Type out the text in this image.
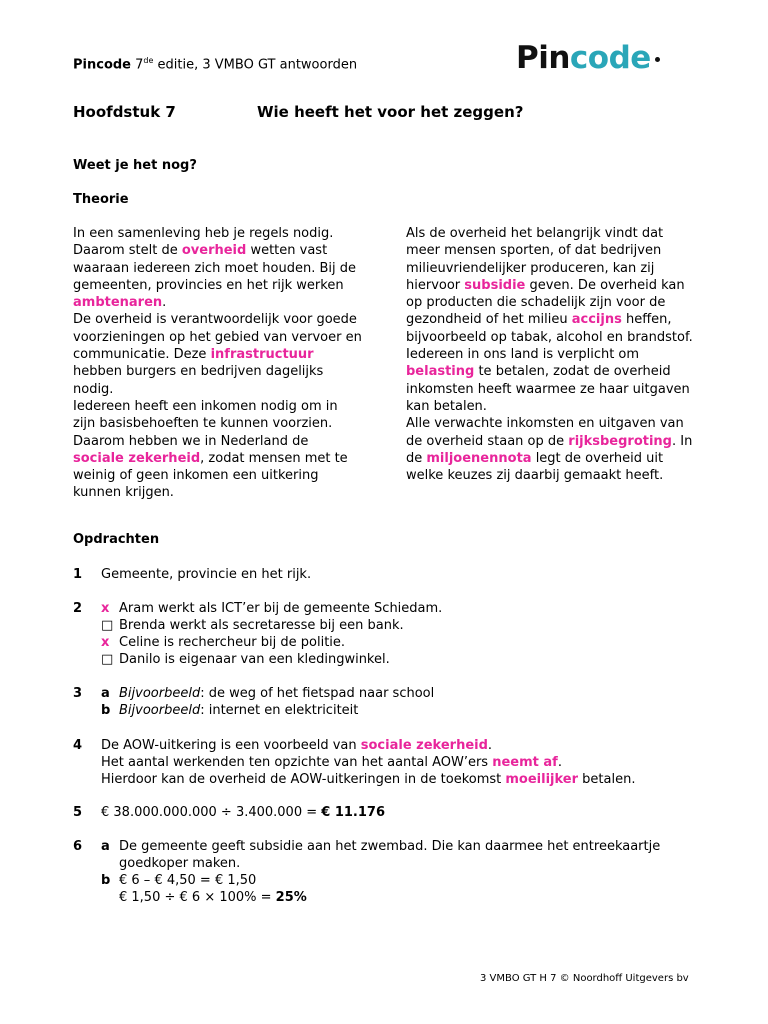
Pincode 7de editie, 3 VMBO GT antwoorden	Pincode
Hoofdstuk 7	Wie heeft het voor het zeggen?
Weet je het nog?
Theorie

In een samenleving heb je regels nodig. Daarom stelt de overheid wetten vast waaraan iedereen zich moet houden. Bij de gemeenten, provincies en het rijk werken ambtenaren.

De overheid is verantwoordelijk voor goede voorzieningen op het gebied van vervoer en communicatie. Deze infrastructuur hebben burgers en bedrijven dagelijks nodig.

Iedereen heeft een inkomen nodig om in zijn basisbehoeften te kunnen voorzien. Daarom hebben we in Nederland de sociale zekerheid, zodat mensen met te weinig of geen inkomen een uitkering kunnen krijgen.

Als de overheid het belangrijk vindt dat meer mensen sporten, of dat bedrijven milieuvriendelijker produceren, kan zij hiervoor subsidie geven. De overheid kan op producten die schadelijk zijn voor de gezondheid of het milieu accijns heffen, bijvoorbeeld op tabak, alcohol en brandstof.

Iedereen in ons land is verplicht om belasting te betalen, zodat de overheid inkomsten heeft waarmee ze haar uitgaven kan betalen.

Alle verwachte inkomsten en uitgaven van de overheid staan op de rijksbegroting. In de miljoenennota legt de overheid uit welke keuzes zij daarbij gemaakt heeft.

Opdrachten
1 Gemeente, provincie en het rijk.
2 x Aram werkt als ICT’er bij de gemeente Schiedam.
□ Brenda werkt als secretaresse bij een bank.
x Celine is rechercheur bij de politie.
□ Danilo is eigenaar van een kledingwinkel.
3 a Bijvoorbeeld: de weg of het fietspad naar school
b Bijvoorbeeld: internet en elektriciteit
4 De AOW-uitkering is een voorbeeld van sociale zekerheid.
Het aantal werkenden ten opzichte van het aantal AOW’ers neemt af.
Hierdoor kan de overheid de AOW-uitkeringen in de toekomst moeilijker betalen.
5 € 38.000.000.000 ÷ 3.400.000 = € 11.176
6 a De gemeente geeft subsidie aan het zwembad. Die kan daarmee het entreekaartje
goedkoper maken.
b € 6 – € 4,50 = € 1,50
€ 1,50 ÷ € 6 × 100% = 25%
3 VMBO GT H 7 © Noordhoff Uitgevers bv
